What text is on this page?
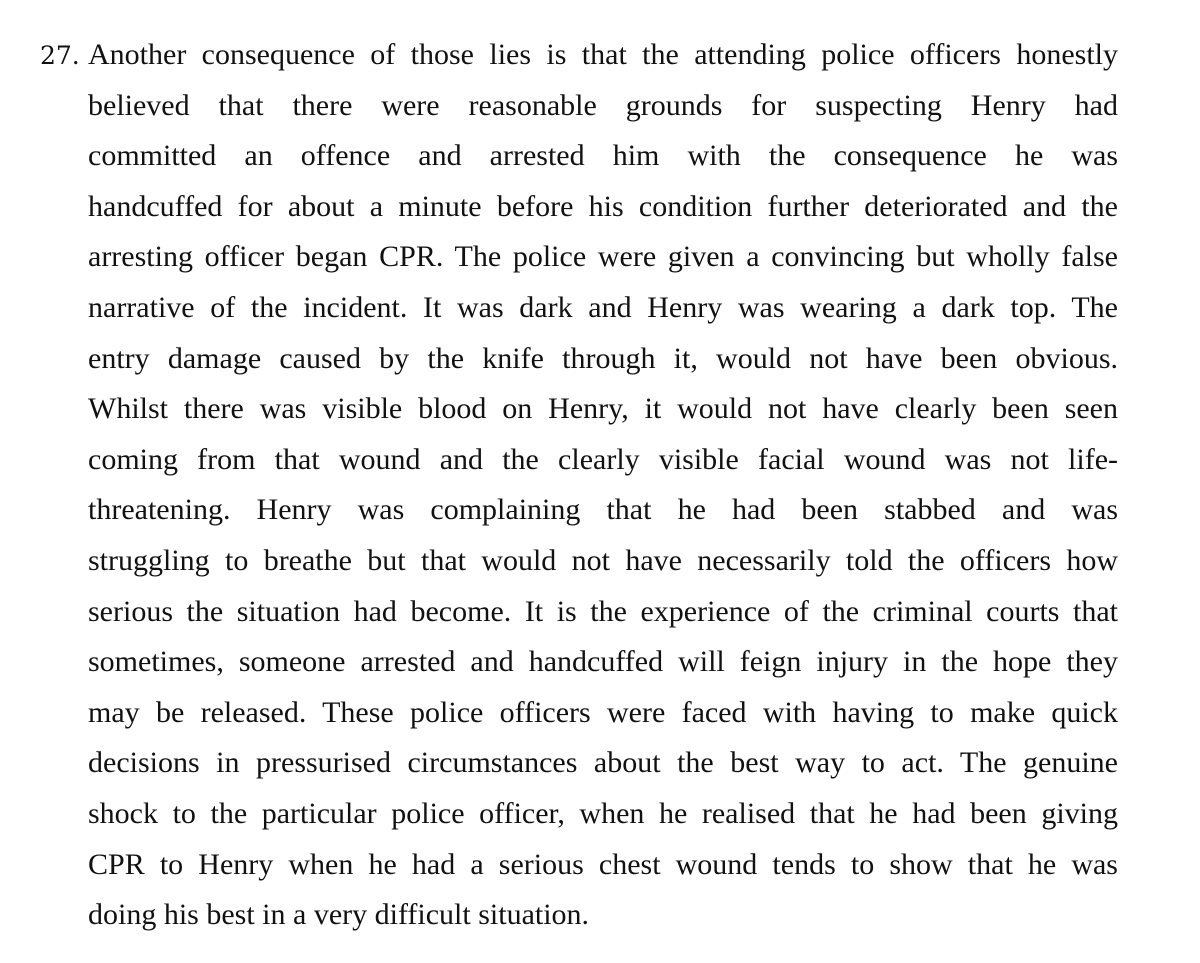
27. Another consequence of those lies is that the attending police officers honestly
believed that there were reasonable grounds for suspecting Henry had
committed an offence and arrested him with the consequence he was
handcuffed for about a minute before his condition further deteriorated and the
arresting officer began CPR. The police were given a convincing but wholly false
narrative of the incident. It was dark and Henry was wearing a dark top. The
entry damage caused by the knife through it, would not have been obvious.
Whilst there was visible blood on Henry, it would not have clearly been seen
coming from that wound and the clearly visible facial wound was not life-
threatening. Henry was complaining that he had been stabbed and was
struggling to breathe but that would not have necessarily told the officers how
serious the situation had become. It is the experience of the criminal courts that
sometimes, someone arrested and handcuffed will feign injury in the hope they
may be released. These police officers were faced with having to make quick
decisions in pressurised circumstances about the best way to act. The genuine
shock to the particular police officer, when he realised that he had been giving
CPR to Henry when he had a serious chest wound tends to show that he was
doing his best in a very difficult situation.
